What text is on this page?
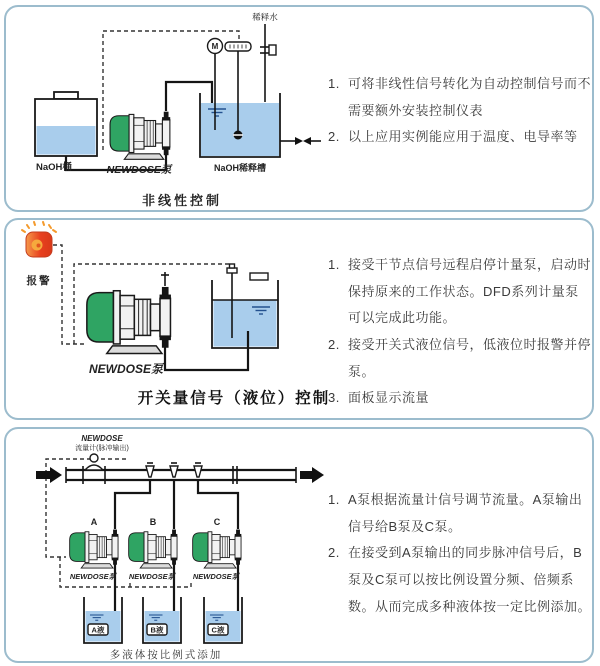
M
稀释水
NaOH桶	NEWDOSE泵	NaOH稀释槽
非线性控制
1. 可将非线性信号转化为自动控制信号而不需要额外安装控制仪表
2. 以上应用实例能应用于温度、电导率等
报警
NEWDOSE泵
开关量信号（液位）控制
1. 接受干节点信号远程启停计量泵，启动时保持原来的工作状态。DFD系列计量泵可以完成此功能。
2. 接受开关式液位信号，低液位时报警并停泵。
3. 面板显示流量
A液	B液	C液
NEWDOSE
流量计(脉冲输出)
A	B	C
NEWDOSE泵 NEWDOSE泵 NEWDOSE泵
多液体按比例式添加
1. A泵根据流量计信号调节流量。A泵输出信号给B泵及C泵。
2. 在接受到A泵输出的同步脉冲信号后，B泵及C泵可以按比例设置分频、倍频系数。从而完成多种液体按一定比例添加。
